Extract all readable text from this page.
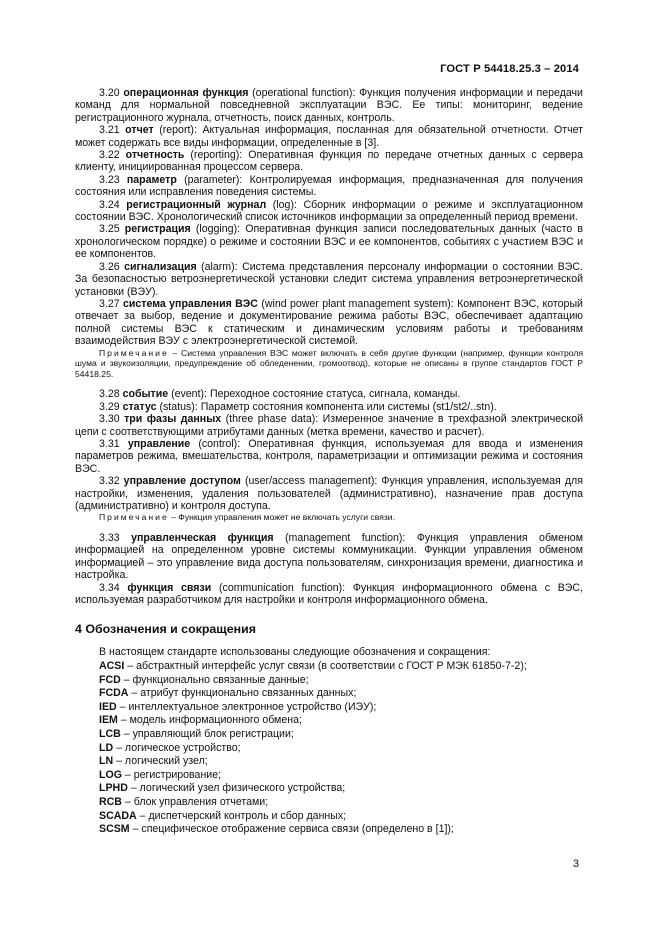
ГОСТ Р 54418.25.3 – 2014

3.20 операционная функция (operational function): Функция получения информации и передачи команд для нормальной повседневной эксплуатации ВЭС. Ее типы: мониторинг, ведение регистрационного журнала, отчетность, поиск данных, контроль.

3.21 отчет (report): Актуальная информация, посланная для обязательной отчетности. Отчет может содержать все виды информации, определенные в [3].

3.22 отчетность (reporting): Оперативная функция по передаче отчетных данных с сервера клиенту, инициированная процессом сервера.

3.23 параметр (parameter): Контролируемая информация, предназначенная для получения состояния или исправления поведения системы.

3.24 регистрационный журнал (log): Сборник информации о режиме и эксплуатационном состоянии ВЭС. Хронологический список источников информации за определенный период времени.

3.25 регистрация (logging): Оперативная функция записи последовательных данных (часто в хронологическом порядке) о режиме и состоянии ВЭС и ее компонентов, событиях с участием ВЭС и ее компонентов.

3.26 сигнализация (alarm): Система представления персоналу информации о состоянии ВЭС. За безопасностью ветроэнергетической установки следит система управления ветроэнергетической установки (ВЭУ).

3.27 система управления ВЭС (wind power plant management system): Компонент ВЭС, который отвечает за выбор, ведение и документирование режима работы ВЭС, обеспечивает адаптацию полной системы ВЭС к статическим и динамическим условиям работы и требованиям взаимодействия ВЭУ с электроэнергетической системой.

Примечание – Система управления ВЭС может включать в себя другие функции (например, функции контроля шума и звукоизоляции, предупреждение об обледенении, громоотвод), которые не описаны в группе стандартов ГОСТ Р 54418.25.

3.28 событие (event): Переходное состояние статуса, сигнала, команды.

3.29 статус (status): Параметр состояния компонента или системы (st1/st2/..stn).

3.30 три фазы данных (three phase data): Измеренное значение в трехфазной электрической цепи с соответствующими атрибутами данных (метка времени, качество и расчет).

3.31 управление (control): Оперативная функция, используемая для ввода и изменения параметров режима, вмешательства, контроля, параметризации и оптимизации режима и состояния ВЭС.

3.32 управление доступом (user/access management): Функция управления, используемая для настройки, изменения, удаления пользователей (административно), назначение прав доступа (административно) и контроля доступа.

Примечание – Функция управления может не включать услуги связи.

3.33 управленческая функция (management function): Функция управления обменом информацией на определенном уровне системы коммуникации. Функции управления обменом информацией – это управление вида доступа пользователям, синхронизация времени, диагностика и настройка.

3.34 функция связи (communication function): Функция информационного обмена с ВЭС, используемая разработчиком для настройки и контроля информационного обмена.

4 Обозначения и сокращения

В настоящем стандарте использованы следующие обозначения и сокращения:

ACSI – абстрактный интерфейс услуг связи (в соответствии с ГОСТ Р МЭК 61850-7-2);

FCD – функционально связанные данные;

FCDA – атрибут функционально связанных данных;

IED – интеллектуальное электронное устройство (ИЭУ);

IEM – модель информационного обмена;

LCB – управляющий блок регистрации;

LD – логическое устройство;

LN – логический узел;

LOG – регистрирование;

LPHD – логический узел физического устройства;

RCB – блок управления отчетами;

SCADA – диспетчерский контроль и сбор данных;

SCSM – специфическое отображение сервиса связи (определено в [1]);

3
